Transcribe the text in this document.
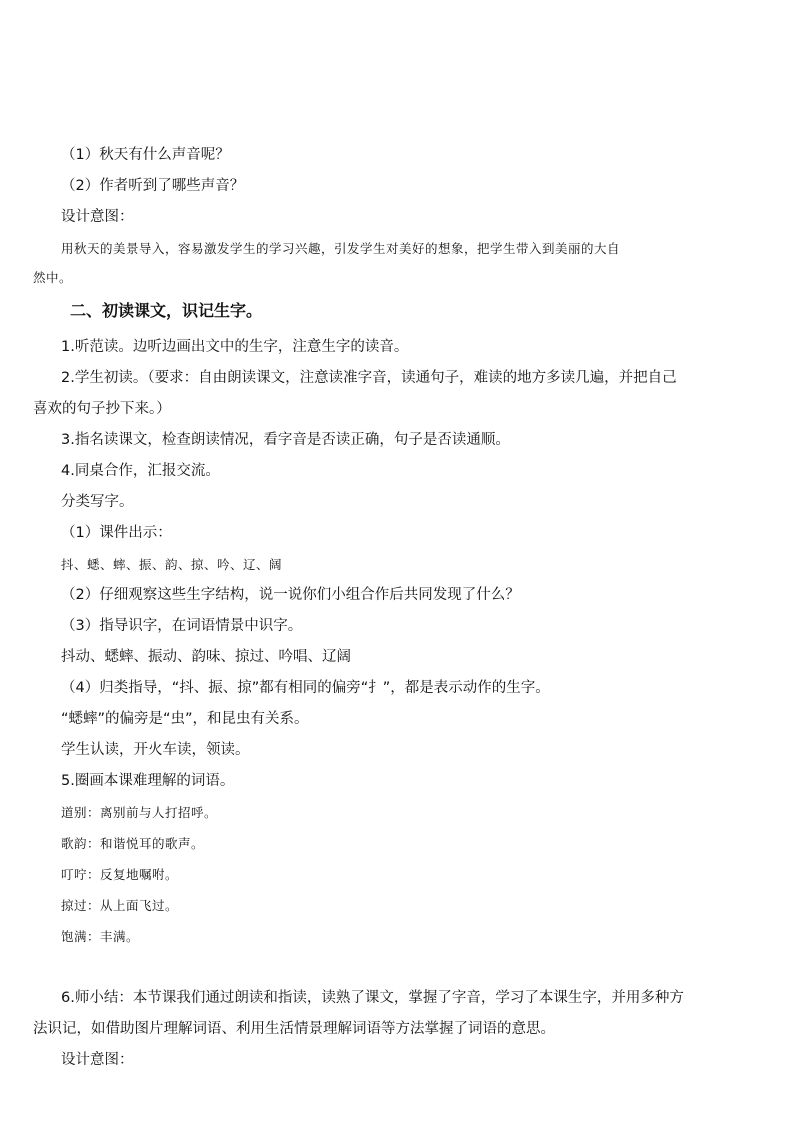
（1）秋天有什么声音呢？
（2）作者听到了哪些声音？
设计意图：
用秋天的美景导入，容易激发学生的学习兴趣，引发学生对美好的想象，把学生带入到美丽的大自
然中。
二、初读课文，识记生字。
1.听范读。边听边画出文中的生字，注意生字的读音。
2.学生初读。（要求：自由朗读课文，注意读准字音，读通句子，难读的地方多读几遍，并把自己
喜欢的句子抄下来。）
3.指名读课文，检查朗读情况，看字音是否读正确，句子是否读通顺。
4.同桌合作，汇报交流。
分类写字。
（1）课件出示：
抖、蟋、蟀、振、韵、掠、吟、辽、阔
（2）仔细观察这些生字结构，说一说你们小组合作后共同发现了什么？
（3）指导识字，在词语情景中识字。
抖动、蟋蟀、振动、韵味、掠过、吟唱、辽阔
（4）归类指导，“抖、振、掠”都有相同的偏旁“扌”，都是表示动作的生字。
“蟋蟀”的偏旁是“虫”，和昆虫有关系。
学生认读，开火车读，领读。
5.圈画本课难理解的词语。
道别：离别前与人打招呼。
歌韵：和谐悦耳的歌声。
叮咛：反复地嘱咐。
掠过：从上面飞过。
饱满：丰满。
6.师小结：本节课我们通过朗读和指读，读熟了课文，掌握了字音，学习了本课生字，并用多种方
法识记，如借助图片理解词语、利用生活情景理解词语等方法掌握了词语的意思。
设计意图：
